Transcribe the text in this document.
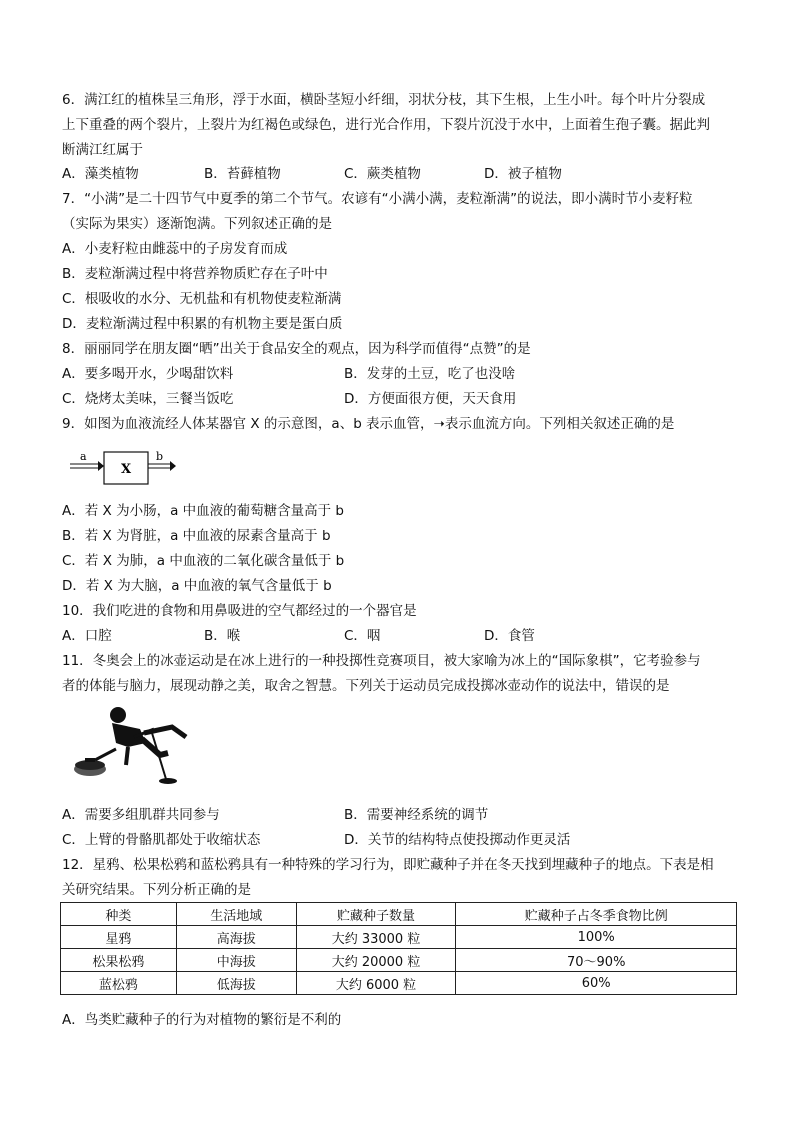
6．满江红的植株呈三角形，浮于水面，横卧茎短小纤细，羽状分枝，其下生根，上生小叶。每个叶片分裂成
上下重叠的两个裂片，上裂片为红褐色或绿色，进行光合作用，下裂片沉没于水中，上面着生孢子囊。据此判
断满江红属于
A．藻类植物	B．苔藓植物	C．蕨类植物	D．被子植物
7．“小满”是二十四节气中夏季的第二个节气。农谚有“小满小满，麦粒渐满”的说法，即小满时节小麦籽粒
（实际为果实）逐渐饱满。下列叙述正确的是
A．小麦籽粒由雌蕊中的子房发育而成
B．麦粒渐满过程中将营养物质贮存在子叶中
C．根吸收的水分、无机盐和有机物使麦粒渐满
D．麦粒渐满过程中积累的有机物主要是蛋白质
8．丽丽同学在朋友圈“晒”出关于食品安全的观点，因为科学而值得“点赞”的是
A．要多喝开水，少喝甜饮料	B．发芽的土豆，吃了也没啥
C．烧烤太美味，三餐当饭吃	D．方便面很方便，天天食用
9．如图为血液流经人体某器官 X 的示意图，a、b 表示血管，➝表示血流方向。下列相关叙述正确的是
a
X
b
A．若 X 为小肠，a 中血液的葡萄糖含量高于 b
B．若 X 为肾脏，a 中血液的尿素含量高于 b
C．若 X 为肺，a 中血液的二氧化碳含量低于 b
D．若 X 为大脑，a 中血液的氧气含量低于 b
10．我们吃进的食物和用鼻吸进的空气都经过的一个器官是
A．口腔	B．喉	C．咽	D．食管
11．冬奥会上的冰壶运动是在冰上进行的一种投掷性竞赛项目，被大家喻为冰上的“国际象棋”，它考验参与
者的体能与脑力，展现动静之美，取舍之智慧。下列关于运动员完成投掷冰壶动作的说法中，错误的是
A．需要多组肌群共同参与	B．需要神经系统的调节
C．上臂的骨骼肌都处于收缩状态	D．关节的结构特点使投掷动作更灵活
12．星鸦、松果松鸦和蓝松鸦具有一种特殊的学习行为，即贮藏种子并在冬天找到埋藏种子的地点。下表是相
关研究结果。下列分析正确的是
种类	生活地域	贮藏种子数量	贮藏种子占冬季食物比例
星鸦	高海拔	大约 33000 粒	100%
松果松鸦	中海拔	大约 20000 粒	70～90%
蓝松鸦	低海拔	大约 6000 粒	60%
A．鸟类贮藏种子的行为对植物的繁衍是不利的
